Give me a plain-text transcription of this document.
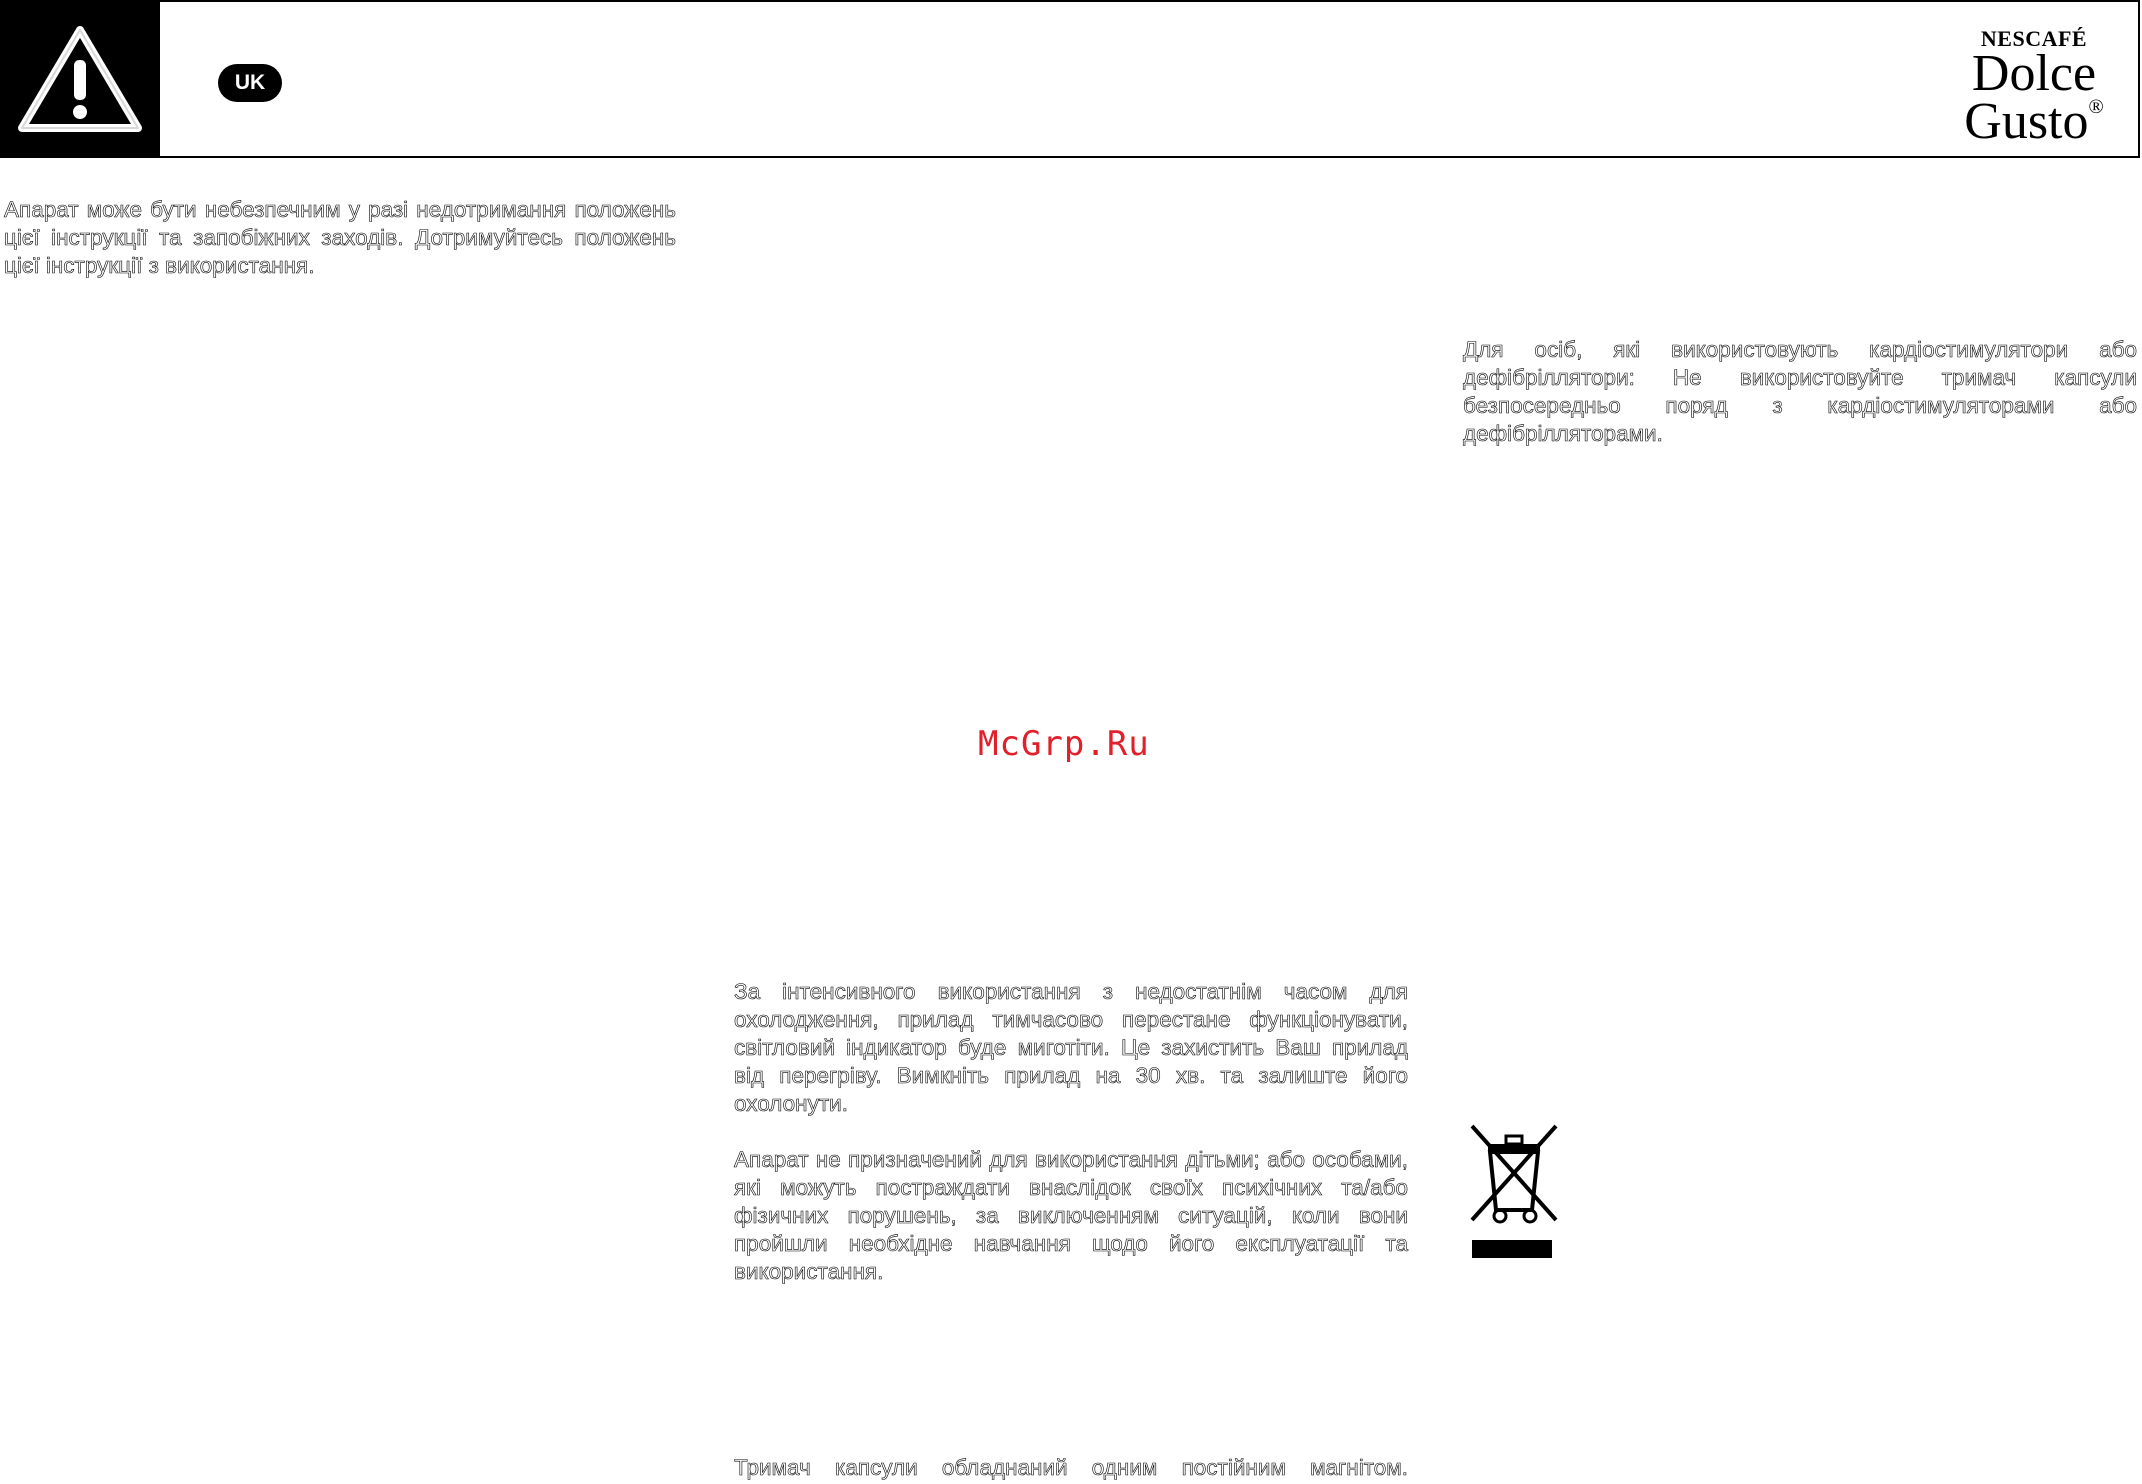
UK
NESCAFÉ
Dolce
Gusto®

Апарат може бути небезпечним у разі недотримання положень цієї інструкції та запобіжних заходів. Дотримуйтесь положень цієї інструкції з використання.

Для осіб, які використовують кардіостимулятори або дефібріллятори: Не використовуйте тримач капсули безпосередньо поряд з кардіостимуляторами або дефібрілляторами.

McGrp.Ru

За інтенсивного використання з недостатнім часом для охолодження, прилад тимчасово перестане функціонувати, світловий індикатор буде миготіти. Це захистить Ваш прилад від перегріву. Вимкніть прилад на 30 хв. та залиште його охолонути.

Апарат не призначений для використання дітьми; або особами, які можуть постраждати внаслідок своїх психічних та/або фізичних порушень, за виключенням ситуацій, коли вони пройшли необхідне навчання щодо його експлуатації та використання.

Тримач капсули обладнаний одним постійним магнітом.
